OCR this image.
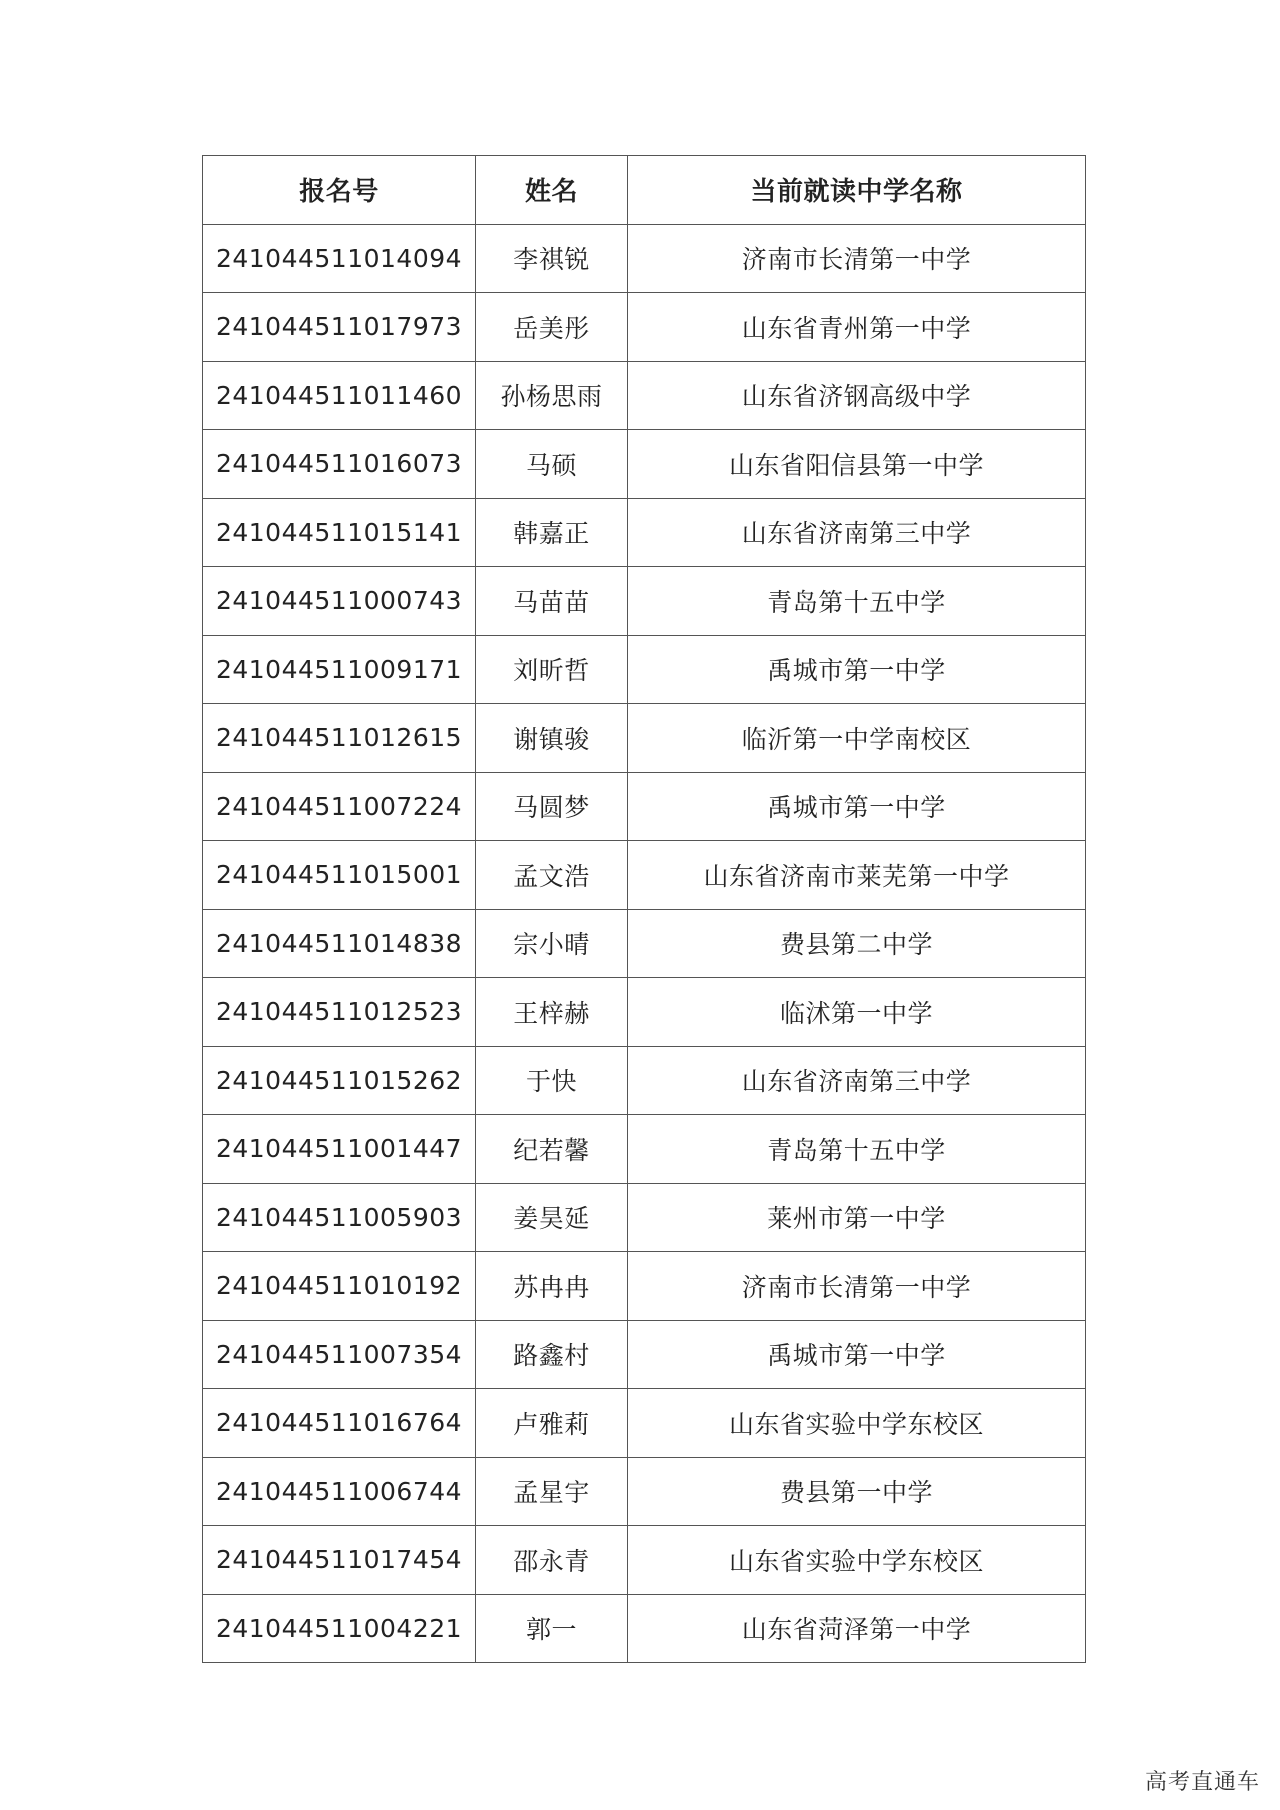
报名号	姓名	当前就读中学名称
241044511014094	李祺锐	济南市长清第一中学
241044511017973	岳美彤	山东省青州第一中学
241044511011460	孙杨思雨	山东省济钢高级中学
241044511016073	马硕	山东省阳信县第一中学
241044511015141	韩嘉正	山东省济南第三中学
241044511000743	马苗苗	青岛第十五中学
241044511009171	刘昕哲	禹城市第一中学
241044511012615	谢镇骏	临沂第一中学南校区
241044511007224	马圆梦	禹城市第一中学
241044511015001	孟文浩	山东省济南市莱芜第一中学
241044511014838	宗小晴	费县第二中学
241044511012523	王梓赫	临沭第一中学
241044511015262	于快	山东省济南第三中学
241044511001447	纪若馨	青岛第十五中学
241044511005903	姜昊延	莱州市第一中学
241044511010192	苏冉冉	济南市长清第一中学
241044511007354	路鑫村	禹城市第一中学
241044511016764	卢雅莉	山东省实验中学东校区
241044511006744	孟星宇	费县第一中学
241044511017454	邵永青	山东省实验中学东校区
241044511004221	郭一	山东省菏泽第一中学
高考直通车
